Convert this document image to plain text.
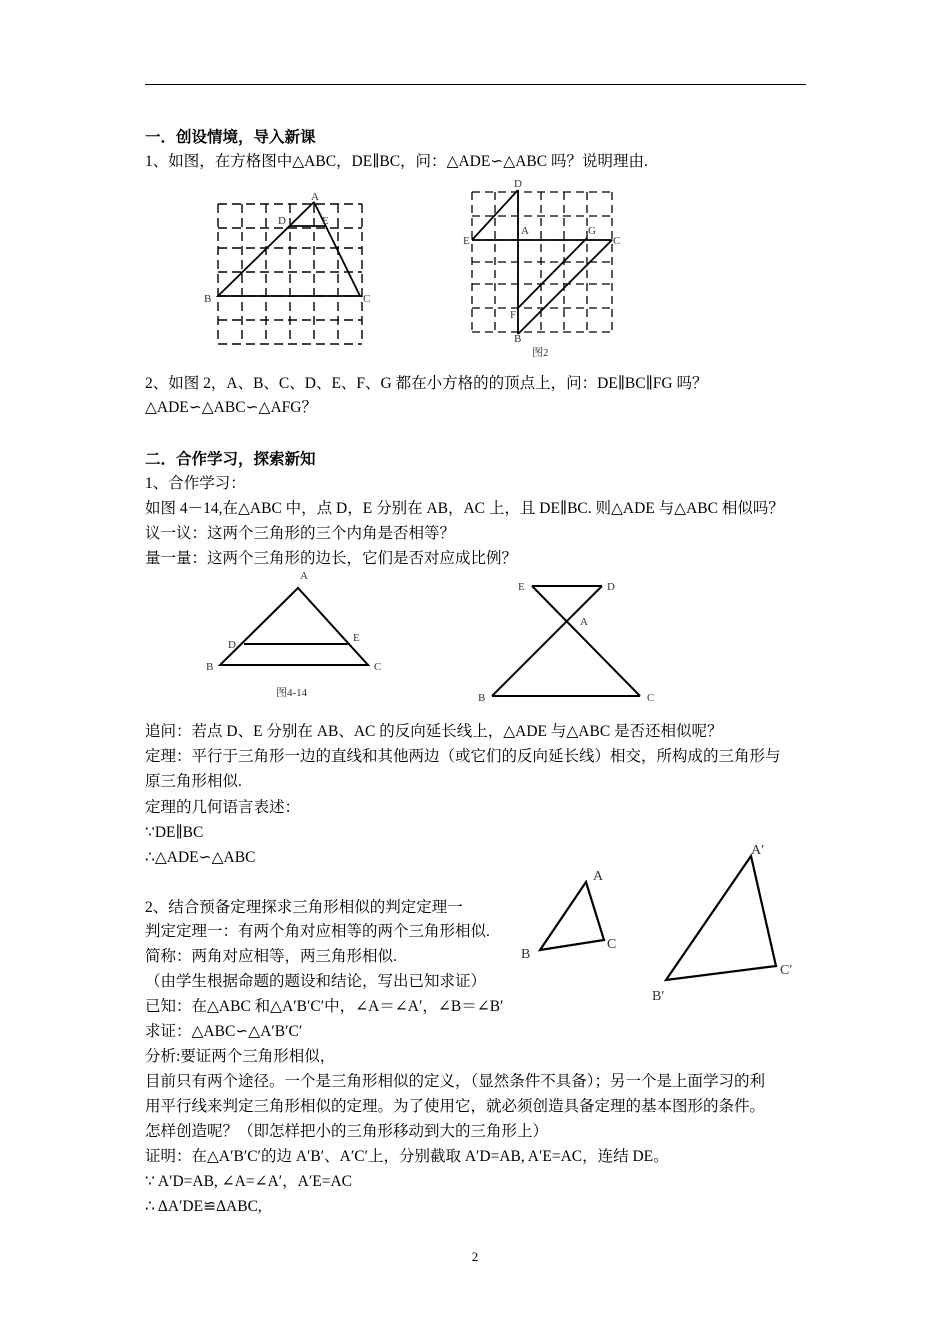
一．创设情境，导入新课
1、如图，在方格图中△ABC，DE∥BC，问：△ADE∽△ABC 吗？说明理由.
A
D	E
B	C
D
E
A	G
C
F
B
图2
2、如图 2，A、B、C、D、E、F、G 都在小方格的的顶点上，问：DE∥BC∥FG 吗？
△ADE∽△ABC∽△AFG？
二．合作学习，探索新知
1、合作学习：
如图 4－14,在△ABC 中，点 D，E 分别在 AB，AC 上，且 DE∥BC. 则△ADE 与△ABC 相似吗？
议一议：这两个三角形的三个内角是否相等？
量一量：这两个三角形的边长，它们是否对应成比例？
A
D
E
B	C
图4-14
E	D
A
B	C
追问：若点 D、E 分别在 AB、AC 的反向延长线上，△ADE 与△ABC 是否还相似呢？
定理：平行于三角形一边的直线和其他两边（或它们的反向延长线）相交，所构成的三角形与
原三角形相似.
定理的几何语言表述：
∵DE∥BC
∴△ADE∽△ABC
2、结合预备定理探求三角形相似的判定定理一
判定定理一：有两个角对应相等的两个三角形相似.
简称：两角对应相等，两三角形相似.
（由学生根据命题的题设和结论，写出已知求证）
已知：在△ABC 和△A′B′C′中，∠A＝∠A′，∠B＝∠B′
求证：△ABC∽△A′B′C′
分析:要证两个三角形相似，
目前只有两个途径。一个是三角形相似的定义，（显然条件不具备）；另一个是上面学习的利
用平行线来判定三角形相似的定理。为了使用它，就必须创造具备定理的基本图形的条件。
怎样创造呢？（即怎样把小的三角形移动到大的三角形上）
证明：在△A′B′C′的边 A′B′、A′C′上，分别截取 A′D=AB, A′E=AC，连结 DE。
∵ A′D=AB, ∠A=∠A′，A′E=AC
∴ ΔA′DE≌ΔABC,
A
B
C
A′
B′
C′
2
